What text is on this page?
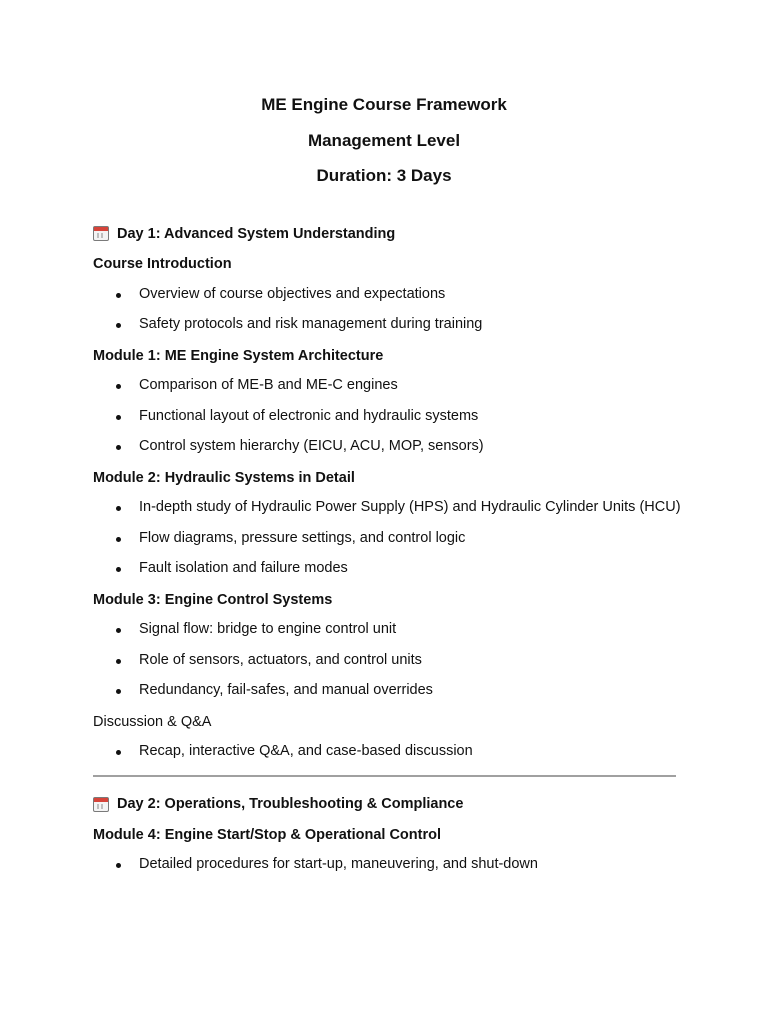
ME Engine Course Framework
Management Level
Duration: 3 Days
Day 1: Advanced System Understanding
Course Introduction
Overview of course objectives and expectations
Safety protocols and risk management during training
Module 1: ME Engine System Architecture
Comparison of ME-B and ME-C engines
Functional layout of electronic and hydraulic systems
Control system hierarchy (EICU, ACU, MOP, sensors)
Module 2: Hydraulic Systems in Detail
In-depth study of Hydraulic Power Supply (HPS) and Hydraulic Cylinder Units (HCU)
Flow diagrams, pressure settings, and control logic
Fault isolation and failure modes
Module 3: Engine Control Systems
Signal flow: bridge to engine control unit
Role of sensors, actuators, and control units
Redundancy, fail-safes, and manual overrides
Discussion & Q&A
Recap, interactive Q&A, and case-based discussion
Day 2: Operations, Troubleshooting & Compliance
Module 4: Engine Start/Stop & Operational Control
Detailed procedures for start-up, maneuvering, and shut-down
